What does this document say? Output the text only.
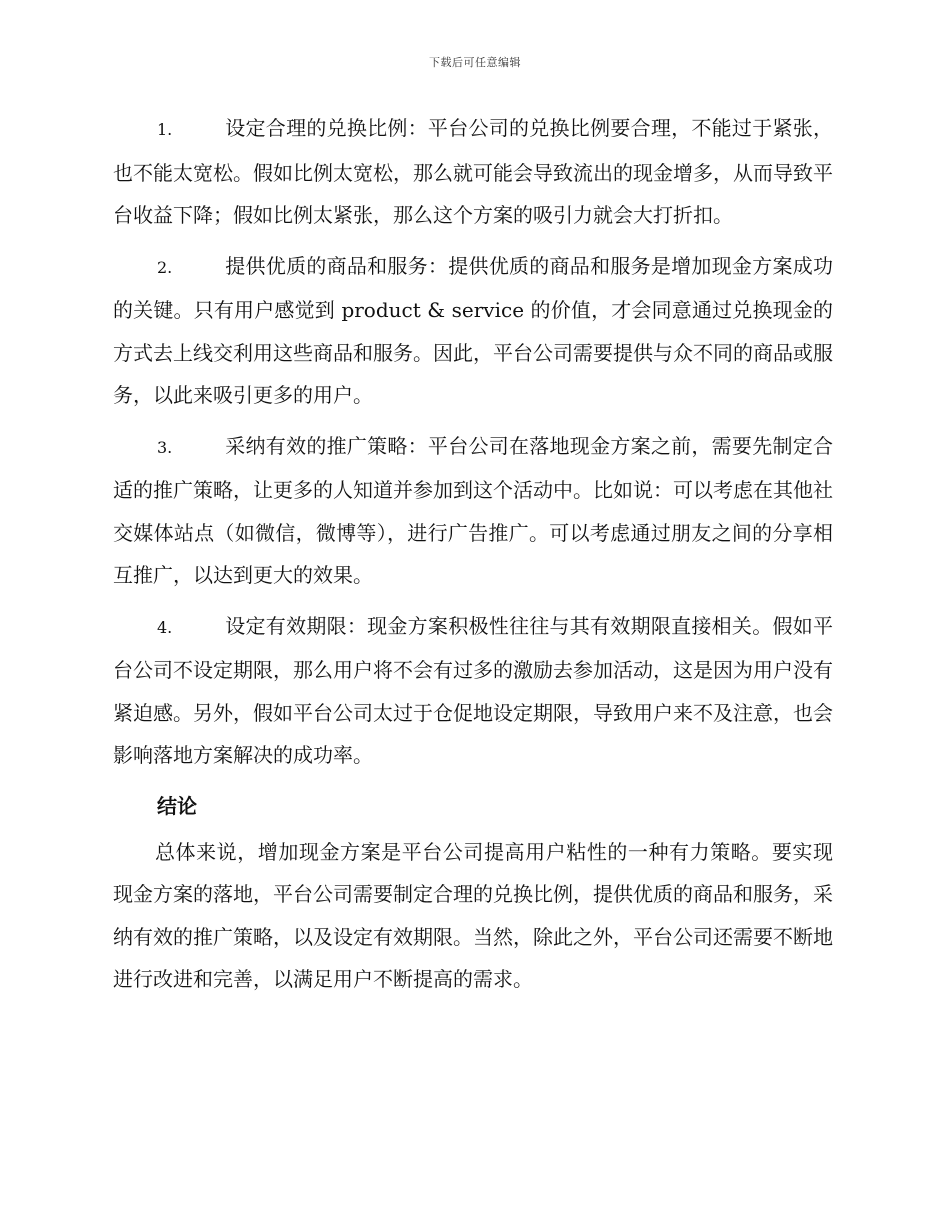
下载后可任意编辑

1.	设定合理的兑换比例：平台公司的兑换比例要合理，不能过于紧张，也不能太宽松。假如比例太宽松，那么就可能会导致流出的现金增多，从而导致平台收益下降；假如比例太紧张，那么这个方案的吸引力就会大打折扣。

2.	提供优质的商品和服务：提供优质的商品和服务是增加现金方案成功的关键。只有用户感觉到 product & service 的价值，才会同意通过兑换现金的方式去上线交利用这些商品和服务。因此，平台公司需要提供与众不同的商品或服务，以此来吸引更多的用户。

3.	采纳有效的推广策略：平台公司在落地现金方案之前，需要先制定合适的推广策略，让更多的人知道并参加到这个活动中。比如说：可以考虑在其他社交媒体站点（如微信，微博等），进行广告推广。可以考虑通过朋友之间的分享相互推广，以达到更大的效果。

4.	设定有效期限：现金方案积极性往往与其有效期限直接相关。假如平台公司不设定期限，那么用户将不会有过多的激励去参加活动，这是因为用户没有紧迫感。另外，假如平台公司太过于仓促地设定期限，导致用户来不及注意，也会影响落地方案解决的成功率。

结论

总体来说，增加现金方案是平台公司提高用户粘性的一种有力策略。要实现现金方案的落地，平台公司需要制定合理的兑换比例，提供优质的商品和服务，采纳有效的推广策略，以及设定有效期限。当然，除此之外，平台公司还需要不断地进行改进和完善，以满足用户不断提高的需求。
